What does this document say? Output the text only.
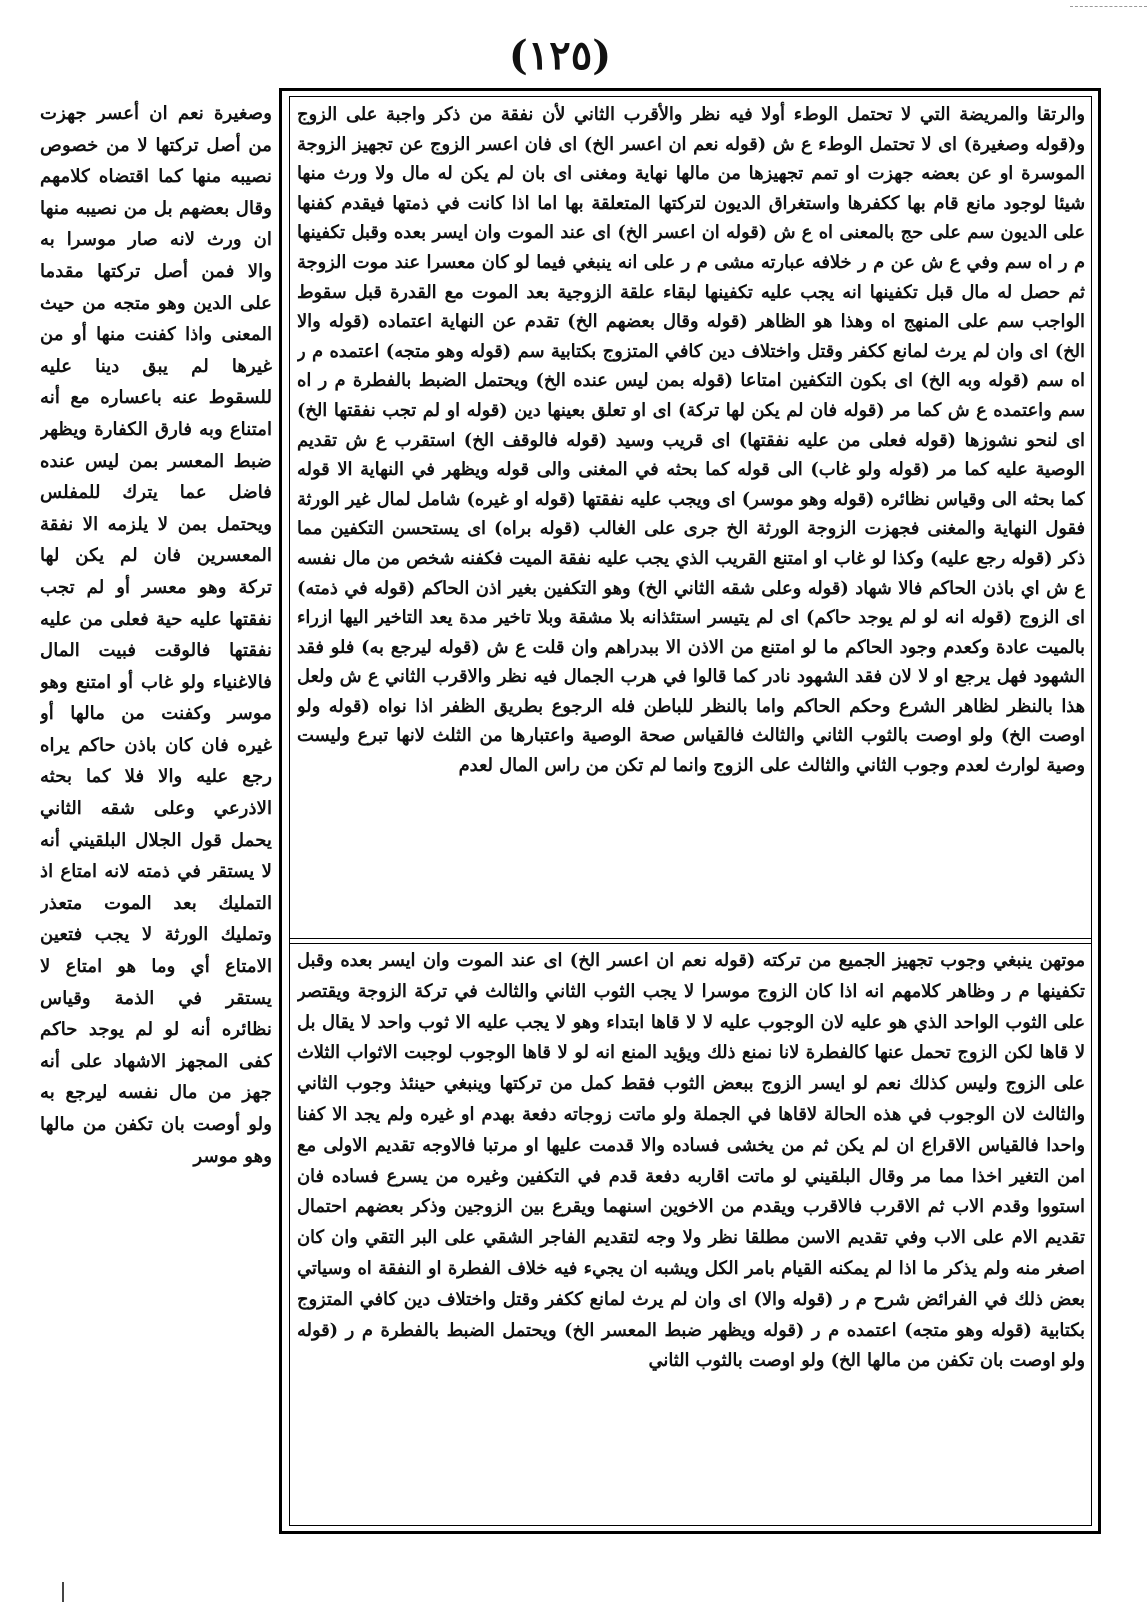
(١٢٥)

والرتقا والمريضة التي لا تحتمل الوطء أولا فيه نظر والأقرب الثاني لأن نفقة من ذكر واجبة على الزوج و(قوله وصغيرة) اى لا تحتمل الوطء ع ش (قوله نعم ان اعسر الخ) اى فان اعسر الزوج عن تجهيز الزوجة الموسرة او عن بعضه جهزت او تمم تجهيزها من مالها نهاية ومغنى اى بان لم يكن له مال ولا ورث منها شيئا لوجود مانع قام بها ككفرها واستغراق الديون لتركتها المتعلقة بها اما اذا كانت في ذمتها فيقدم كفنها على الديون سم على حج بالمعنى اه ع ش (قوله ان اعسر الخ) اى عند الموت وان ايسر بعده وقبل تكفينها م ر اه سم وفي ع ش عن م ر خلافه عبارته مشى م ر على انه ينبغي فيما لو كان معسرا عند موت الزوجة ثم حصل له مال قبل تكفينها انه يجب عليه تكفينها لبقاء علقة الزوجية بعد الموت مع القدرة قبل سقوط الواجب سم على المنهج اه وهذا هو الظاهر (قوله وقال بعضهم الخ) تقدم عن النهاية اعتماده (قوله والا الخ) اى وان لم يرث لمانع ككفر وقتل واختلاف دين كافي المتزوج بكتابية سم (قوله وهو متجه) اعتمده م ر اه سم (قوله وبه الخ) اى بكون التكفين امتاعا (قوله بمن ليس عنده الخ) ويحتمل الضبط بالفطرة م ر اه سم واعتمده ع ش كما مر (قوله فان لم يكن لها تركة) اى او تعلق بعينها دين (قوله او لم تجب نفقتها الخ) اى لنحو نشوزها (قوله فعلى من عليه نفقتها) اى قريب وسيد (قوله فالوقف الخ) استقرب ع ش تقديم الوصية عليه كما مر (قوله ولو غاب) الى قوله كما بحثه في المغنى والى قوله ويظهر في النهاية الا قوله كما بحثه الى وقياس نظائره (قوله وهو موسر) اى ويجب عليه نفقتها (قوله او غيره) شامل لمال غير الورثة فقول النهاية والمغنى فجهزت الزوجة الورثة الخ جرى على الغالب (قوله براه) اى يستحسن التكفين مما ذكر (قوله رجع عليه) وكذا لو غاب او امتنع القريب الذي يجب عليه نفقة الميت فكفنه شخص من مال نفسه ع ش اي باذن الحاكم فالا شهاد (قوله وعلى شقه الثاني الخ) وهو التكفين بغير اذن الحاكم (قوله في ذمته) اى الزوج (قوله انه لو لم يوجد حاكم) اى لم يتيسر استئذانه بلا مشقة وبلا تاخير مدة يعد التاخير اليها ازراء بالميت عادة وكعدم وجود الحاكم ما لو امتنع من الاذن الا ببدراهم وان قلت ع ش (قوله ليرجع به) فلو فقد الشهود فهل يرجع او لا لان فقد الشهود نادر كما قالوا في هرب الجمال فيه نظر والاقرب الثاني ع ش ولعل هذا بالنظر لظاهر الشرع وحكم الحاكم واما بالنظر للباطن فله الرجوع بطريق الظفر اذا نواه (قوله ولو اوصت الخ) ولو اوصت بالثوب الثاني والثالث فالقياس صحة الوصية واعتبارها من الثلث لانها تبرع وليست وصية لوارث لعدم وجوب الثاني والثالث على الزوج وانما لم تكن من راس المال لعدم

موتهن ينبغي وجوب تجهيز الجميع من تركته (قوله نعم ان اعسر الخ) اى عند الموت وان ايسر بعده وقبل تكفينها م ر وظاهر كلامهم انه اذا كان الزوج موسرا لا يجب الثوب الثاني والثالث في تركة الزوجة ويقتصر على الثوب الواحد الذي هو عليه لان الوجوب عليه لا لا قاها ابتداء وهو لا يجب عليه الا ثوب واحد لا يقال بل لا قاها لكن الزوج تحمل عنها كالفطرة لانا نمنع ذلك ويؤيد المنع انه لو لا قاها الوجوب لوجبت الاثواب الثلاث على الزوج وليس كذلك نعم لو ايسر الزوج ببعض الثوب فقط كمل من تركتها وينبغي حينئذ وجوب الثاني والثالث لان الوجوب في هذه الحالة لاقاها في الجملة ولو ماتت زوجاته دفعة بهدم او غيره ولم يجد الا كفنا واحدا فالقياس الاقراع ان لم يكن ثم من يخشى فساده والا قدمت عليها او مرتبا فالاوجه تقديم الاولى مع امن التغير اخذا مما مر وقال البلقيني لو ماتت اقاربه دفعة قدم في التكفين وغيره من يسرع فساده فان استووا وقدم الاب ثم الاقرب فالاقرب ويقدم من الاخوين اسنهما ويقرع بين الزوجين وذكر بعضهم احتمال تقديم الام على الاب وفي تقديم الاسن مطلقا نظر ولا وجه لتقديم الفاجر الشقي على البر التقي وان كان اصغر منه ولم يذكر ما اذا لم يمكنه القيام بامر الكل ويشبه ان يجيء فيه خلاف الفطرة او النفقة اه وسياتي بعض ذلك في الفرائض شرح م ر (قوله والا) اى وان لم يرث لمانع ككفر وقتل واختلاف دين كافي المتزوج بكتابية (قوله وهو متجه) اعتمده م ر (قوله ويظهر ضبط المعسر الخ) ويحتمل الضبط بالفطرة م ر (قوله ولو اوصت بان تكفن من مالها الخ) ولو اوصت بالثوب الثاني

وصغيرة نعم ان أعسر جهزت من أصل تركتها لا من خصوص نصيبه منها كما اقتضاه كلامهم وقال بعضهم بل من نصيبه منها ان ورث لانه صار موسرا به والا فمن أصل تركتها مقدما على الدين وهو متجه من حيث المعنى واذا كفنت منها أو من غيرها لم يبق دينا عليه للسقوط عنه باعساره مع أنه امتناع وبه فارق الكفارة ويظهر ضبط المعسر بمن ليس عنده فاضل عما يترك للمفلس ويحتمل بمن لا يلزمه الا نفقة المعسرين فان لم يكن لها تركة وهو معسر أو لم تجب نفقتها عليه حية فعلى من عليه نفقتها فالوقت فبيت المال فالاغنياء ولو غاب أو امتنع وهو موسر وكفنت من مالها أو غيره فان كان باذن حاكم يراه رجع عليه والا فلا كما بحثه الاذرعي وعلى شقه الثاني يحمل قول الجلال البلقيني أنه لا يستقر في ذمته لانه امتاع اذ التمليك بعد الموت متعذر وتمليك الورثة لا يجب فتعين الامتاع أي وما هو امتاع لا يستقر في الذمة وقياس نظائره أنه لو لم يوجد حاكم كفى المجهز الاشهاد على أنه جهز من مال نفسه ليرجع به ولو أوصت بان تكفن من مالها وهو موسر
